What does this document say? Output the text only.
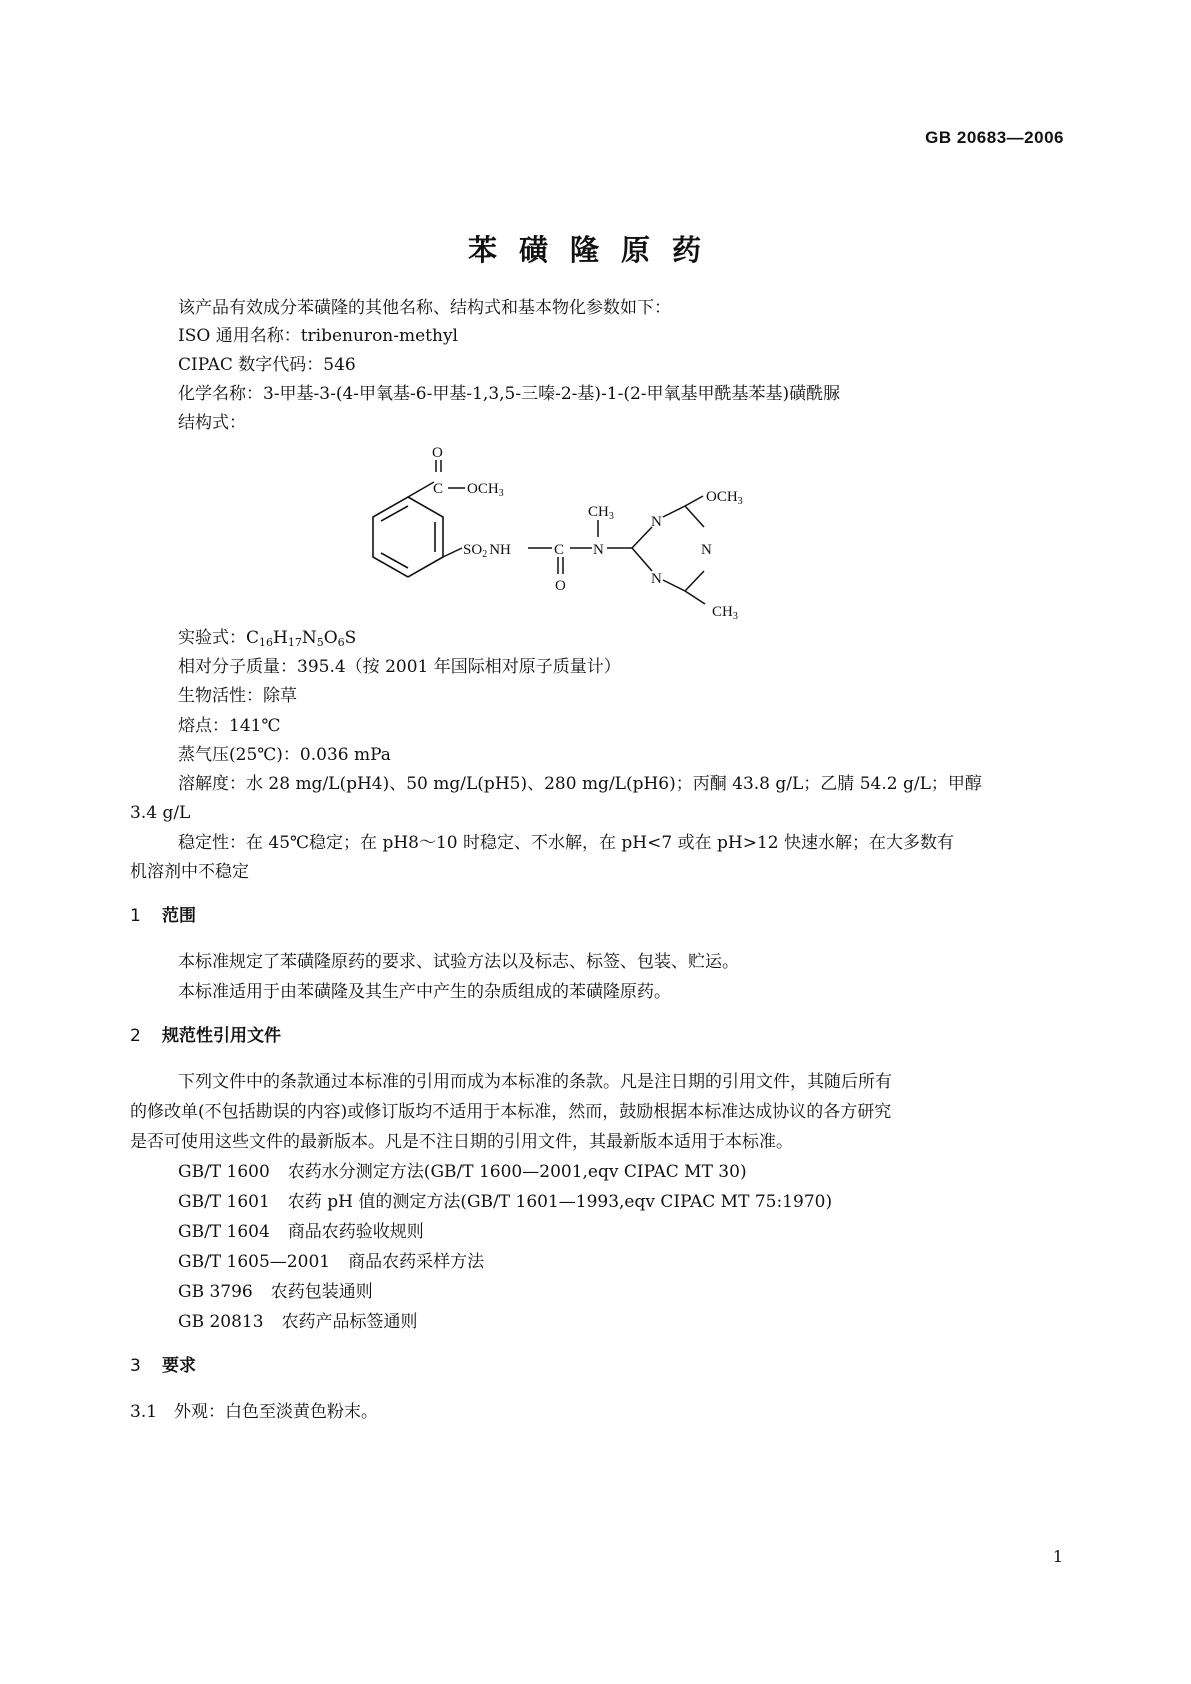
GB 20683—2006
苯磺隆原药
该产品有效成分苯磺隆的其他名称、结构式和基本物化参数如下：
ISO 通用名称：tribenuron-methyl
CIPAC 数字代码：546
化学名称：3-甲基-3-(4-甲氧基-6-甲基-1,3,5-三嗪-2-基)-1-(2-甲氧基甲酰基苯基)磺酰脲
结构式：
O
C $OCH_3$
$SO_2$ NH	C
O
N
$CH_3$ N
N
N
$OCH_3$
$CH_3$
实验式：$C_{16}H_{17}N_5O_6S$
相对分子质量：395.4（按 2001 年国际相对原子质量计）
生物活性：除草
熔点：141℃
蒸气压(25℃)：0.036 mPa
溶解度：水 28 mg/L(pH4)、50 mg/L(pH5)、280 mg/L(pH6)；丙酮 43.8 g/L；乙腈 54.2 g/L；甲醇
3.4 g/L
稳定性：在 45℃稳定；在 pH8～10 时稳定、不水解，在 pH<7 或在 pH>12 快速水解；在大多数有
机溶剂中不稳定
1 范围
本标准规定了苯磺隆原药的要求、试验方法以及标志、标签、包装、贮运。
本标准适用于由苯磺隆及其生产中产生的杂质组成的苯磺隆原药。
2 规范性引用文件
下列文件中的条款通过本标准的引用而成为本标准的条款。凡是注日期的引用文件，其随后所有
的修改单(不包括勘误的内容)或修订版均不适用于本标准，然而，鼓励根据本标准达成协议的各方研究
是否可使用这些文件的最新版本。凡是不注日期的引用文件，其最新版本适用于本标准。
GB/T 1600 农药水分测定方法(GB/T 1600—2001,eqv CIPAC MT 30)
GB/T 1601 农药 pH 值的测定方法(GB/T 1601—1993,eqv CIPAC MT 75:1970)
GB/T 1604 商品农药验收规则
GB/T 1605—2001 商品农药采样方法
GB 3796 农药包装通则
GB 20813 农药产品标签通则
3 要求
3.1　外观：白色至淡黄色粉末。
1
